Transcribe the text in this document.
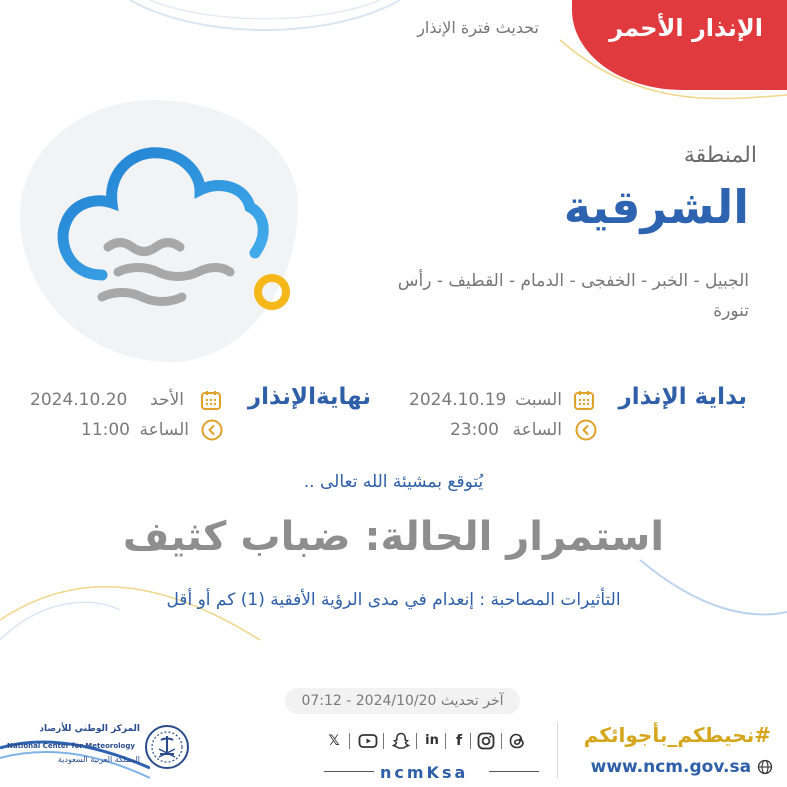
الإنذار الأحمر
تحديث فترة الإنذار
المنطقة
الشرقية
الجبيل - الخبر - الخفجى - الدمام - القطيف - رأس تنورة
بداية الإنذار
السبت
2024.10.19
الساعة
23:00
نهايةالإنذار
الأحد
2024.10.20
الساعة
11:00
يُتوقع بمشيئة الله تعالى ..
استمرار الحالة: ضباب كثيف
التأثيرات المصاحبة : إنعدام في مدى الرؤية الأفقية (1) كم أو أقل
آخر تحديث 2024/10/20 - 07:12
#نحيطكم_بأجوائكم
www.ncm.gov.sa
𝕏	in	f
ncmKsa
المركز الوطني للأرصاد
National Center for Meteorology
المملكة العربية السعودية
